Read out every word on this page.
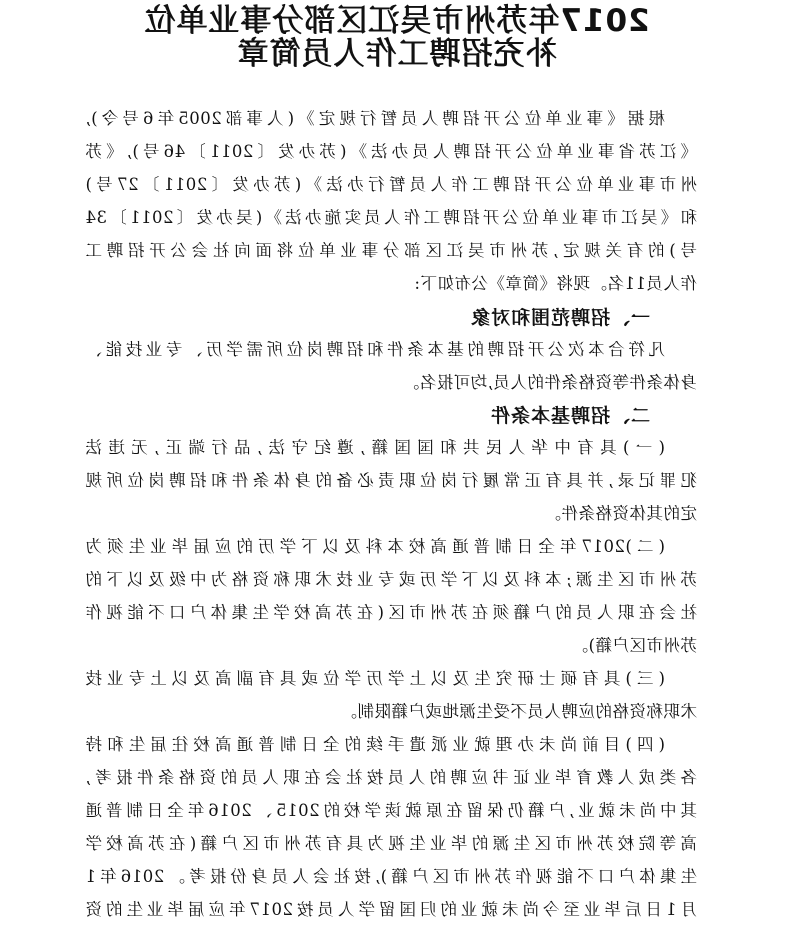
2017年苏州市吴江区部分事业单位
补充招聘工作人员简章

根据《事业单位公开招聘人员暂行规定》(人事部2005年6号令),

《江苏省事业单位公开招聘人员办法》(苏办发〔2011〕46号),《苏

州市事业单位公开招聘工作人员暂行办法》(苏办发〔2011〕27号)

和《吴江市事业单位公开招聘工作人员实施办法》(吴办发〔2011〕34

号)的有关规定,苏州市吴江区部分事业单位将面向社会公开招聘工

作人员11名。现将《简章》公布如下:

一、招聘范围和对象

凡符合本次公开招聘的基本条件和招聘岗位所需学历、专业技能、

身体条件等资格条件的人员,均可报名。

二、招聘基本条件

(一)具有中华人民共和国国籍,遵纪守法,品行端正,无违法

犯罪记录,并具有正常履行岗位职责必备的身体条件和招聘岗位所规

定的其体资格条件。

(二)2017年全日制普通高校本科及以下学历的应届毕业生须为

苏州市区生源;本科及以下学历或专业技术职称资格为中级及以下的

社会在职人员的户籍须在苏州市区(在苏高校学生集体户口不能视作

苏州市区户籍)。

(三)具有硕士研究生及以上学历学位或具有副高及以上专业技

术职称资格的应聘人员不受生源地或户籍限制。

(四)目前尚未办理就业派遣手续的全日制普通高校往届生和持

各类成人教育毕业证书应聘的人员按社会在职人员的资格条件报考,

其中尚未就业,户籍仍保留在原就读学校的2015、2016年全日制普通

高等院校苏州市区生源的毕业生视为具有苏州市区户籍(在苏高校学

生集体户口不能视作苏州市区户籍),按社会人员身份报考。2016年1

月1日后毕业至今尚未就业的归国留学人员按2017年应届毕业生的资
